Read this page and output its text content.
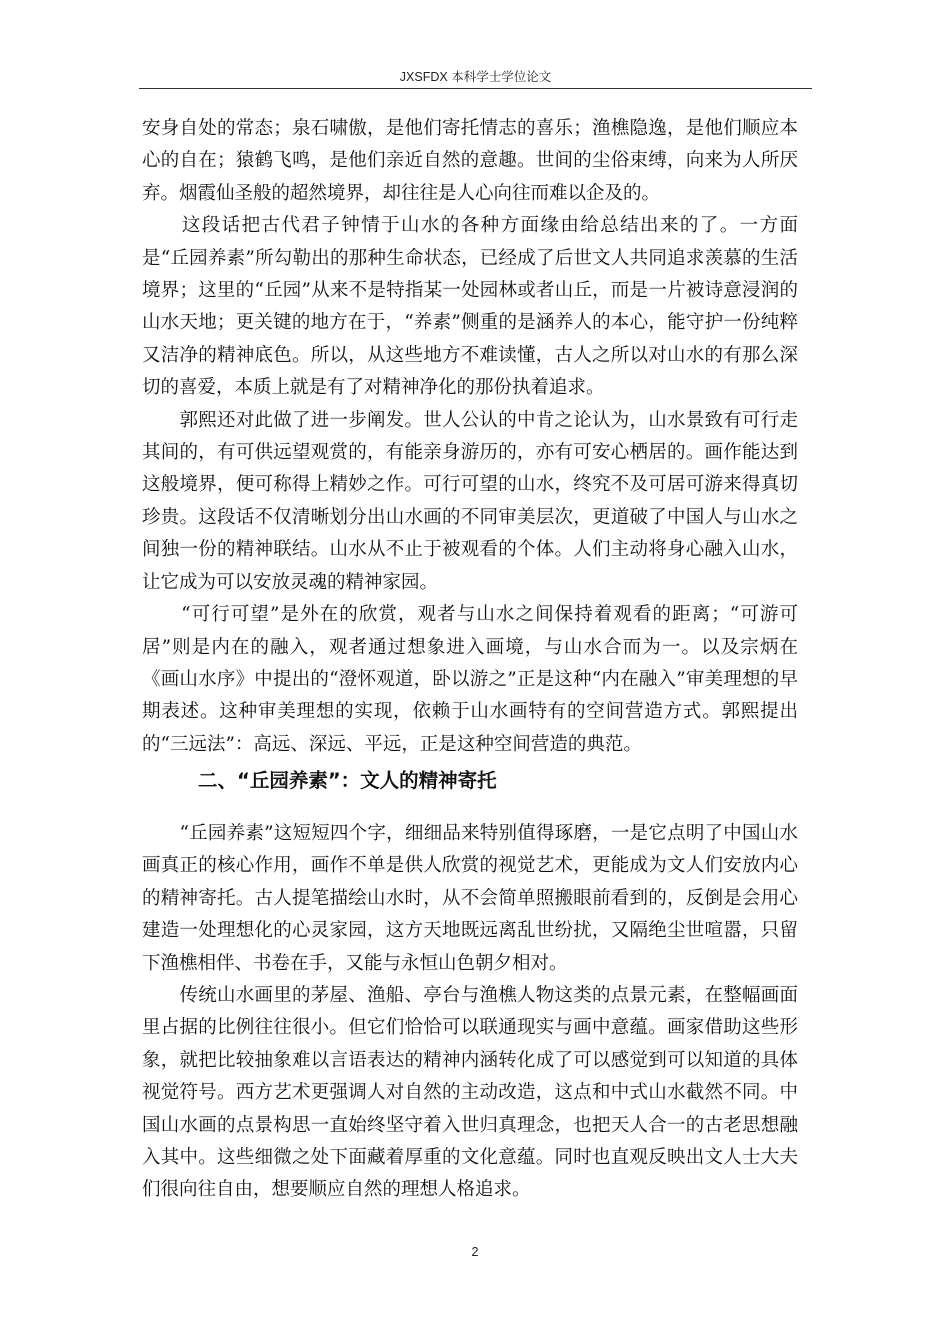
JXSFDX 本科学士学位论文

安身自处的常态；泉石啸傲，是他们寄托情志的喜乐；渔樵隐逸，是他们顺应本心的自在；猿鹤飞鸣，是他们亲近自然的意趣。世间的尘俗束缚，向来为人所厌弃。烟霞仙圣般的超然境界，却往往是人心向往而难以企及的。

　　这段话把古代君子钟情于山水的各种方面缘由给总结出来的了。一方面是“丘园养素”所勾勒出的那种生命状态，已经成了后世文人共同追求羡慕的生活境界；这里的“丘园”从来不是特指某一处园林或者山丘，而是一片被诗意浸润的山水天地；更关键的地方在于，“养素”侧重的是涵养人的本心，能守护一份纯粹又洁净的精神底色。所以，从这些地方不难读懂，古人之所以对山水的有那么深切的喜爱，本质上就是有了对精神净化的那份执着追求。

　　郭熙还对此做了进一步阐发。世人公认的中肯之论认为，山水景致有可行走其间的，有可供远望观赏的，有能亲身游历的，亦有可安心栖居的。画作能达到这般境界，便可称得上精妙之作。可行可望的山水，终究不及可居可游来得真切珍贵。这段话不仅清晰划分出山水画的不同审美层次，更道破了中国人与山水之间独一份的精神联结。山水从不止于被观看的个体。人们主动将身心融入山水，让它成为可以安放灵魂的精神家园。

　　“可行可望”是外在的欣赏，观者与山水之间保持着观看的距离；“可游可居”则是内在的融入，观者通过想象进入画境，与山水合而为一。以及宗炳在《画山水序》中提出的“澄怀观道，卧以游之”正是这种“内在融入”审美理想的早期表述。这种审美理想的实现，依赖于山水画特有的空间营造方式。郭熙提出的“三远法”：高远、深远、平远，正是这种空间营造的典范。

二、“丘园养素”：文人的精神寄托

　　“丘园养素”这短短四个字，细细品来特别值得琢磨，一是它点明了中国山水画真正的核心作用，画作不单是供人欣赏的视觉艺术，更能成为文人们安放内心的精神寄托。古人提笔描绘山水时，从不会简单照搬眼前看到的，反倒是会用心建造一处理想化的心灵家园，这方天地既远离乱世纷扰，又隔绝尘世喧嚣，只留下渔樵相伴、书卷在手，又能与永恒山色朝夕相对。

　　传统山水画里的茅屋、渔船、亭台与渔樵人物这类的点景元素，在整幅画面里占据的比例往往很小。但它们恰恰可以联通现实与画中意蕴。画家借助这些形象，就把比较抽象难以言语表达的精神内涵转化成了可以感觉到可以知道的具体视觉符号。西方艺术更强调人对自然的主动改造，这点和中式山水截然不同。中国山水画的点景构思一直始终坚守着入世归真理念，也把天人合一的古老思想融入其中。这些细微之处下面藏着厚重的文化意蕴。同时也直观反映出文人士大夫们很向往自由，想要顺应自然的理想人格追求。

2
